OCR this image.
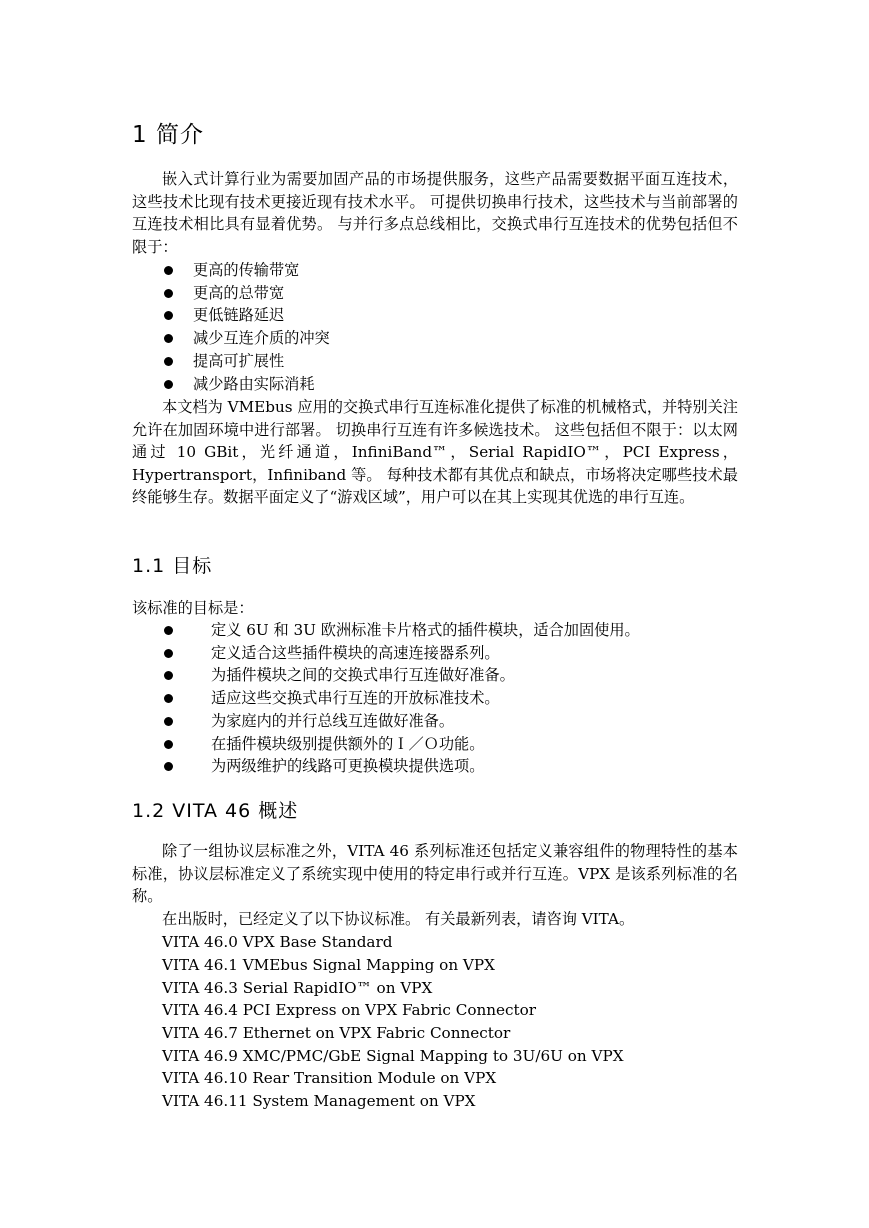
1 简介

嵌入式计算行业为需要加固产品的市场提供服务，这些产品需要数据平面互连技术，这些技术比现有技术更接近现有技术水平。 可提供切换串行技术，这些技术与当前部署的互连技术相比具有显着优势。 与并行多点总线相比，交换式串行互连技术的优势包括但不限于：

更高的传输带宽
更高的总带宽
更低链路延迟
减少互连介质的冲突
提高可扩展性
减少路由实际消耗

本文档为 VMEbus 应用的交换式串行互连标准化提供了标准的机械格式，并特别关注允许在加固环境中进行部署。 切换串行互连有许多候选技术。 这些包括但不限于：以太网通过 10 GBit，光纤通道，InfiniBand™，Serial RapidIO™，PCI Express，Hypertransport，Infiniband 等。 每种技术都有其优点和缺点，市场将决定哪些技术最终能够生存。数据平面定义了“游戏区域”，用户可以在其上实现其优选的串行互连。

1.1 目标
该标准的目标是：
定义 6U 和 3U 欧洲标准卡片格式的插件模块，适合加固使用。
定义适合这些插件模块的高速连接器系列。
为插件模块之间的交换式串行互连做好准备。
适应这些交换式串行互连的开放标准技术。
为家庭内的并行总线互连做好准备。
在插件模块级别提供额外的Ｉ／Ｏ功能。
为两级维护的线路可更换模块提供选项。
1.2 VITA 46 概述

除了一组协议层标准之外，VITA 46 系列标准还包括定义兼容组件的物理特性的基本标准，协议层标准定义了系统实现中使用的特定串行或并行互连。VPX 是该系列标准的名称。

在出版时，已经定义了以下协议标准。 有关最新列表，请咨询 VITA。
VITA 46.0 VPX Base Standard
VITA 46.1 VMEbus Signal Mapping on VPX
VITA 46.3 Serial RapidIO™ on VPX
VITA 46.4 PCI Express on VPX Fabric Connector
VITA 46.7 Ethernet on VPX Fabric Connector
VITA 46.9 XMC/PMC/GbE Signal Mapping to 3U/6U on VPX
VITA 46.10 Rear Transition Module on VPX
VITA 46.11 System Management on VPX
